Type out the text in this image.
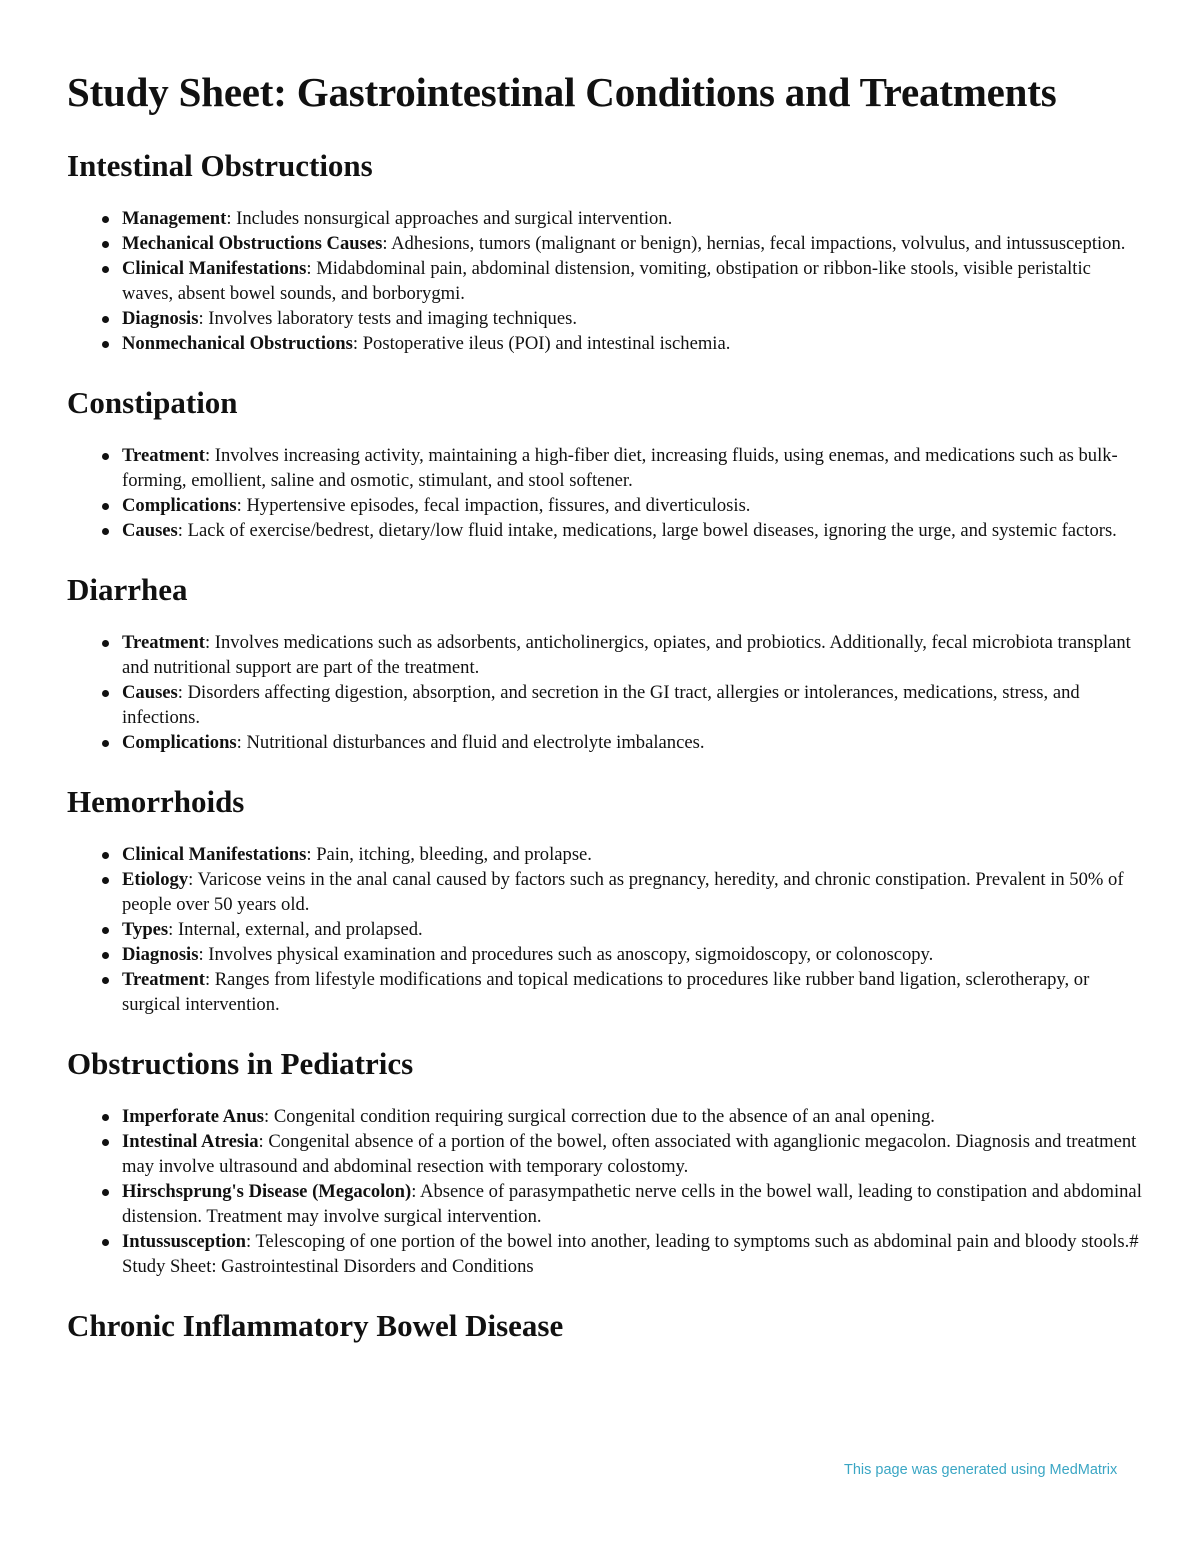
Study Sheet: Gastrointestinal Conditions and Treatments
Intestinal Obstructions
Management: Includes nonsurgical approaches and surgical intervention.
Mechanical Obstructions Causes: Adhesions, tumors (malignant or benign), hernias, fecal impactions, volvulus, and intussusception.
Clinical Manifestations: Midabdominal pain, abdominal distension, vomiting, obstipation or ribbon-like stools, visible peristaltic waves, absent bowel sounds, and borborygmi.
Diagnosis: Involves laboratory tests and imaging techniques.
Nonmechanical Obstructions: Postoperative ileus (POI) and intestinal ischemia.
Constipation
Treatment: Involves increasing activity, maintaining a high-fiber diet, increasing fluids, using enemas, and medications such as bulk-forming, emollient, saline and osmotic, stimulant, and stool softener.
Complications: Hypertensive episodes, fecal impaction, fissures, and diverticulosis.
Causes: Lack of exercise/bedrest, dietary/low fluid intake, medications, large bowel diseases, ignoring the urge, and systemic factors.
Diarrhea
Treatment: Involves medications such as adsorbents, anticholinergics, opiates, and probiotics. Additionally, fecal microbiota transplant and nutritional support are part of the treatment.
Causes: Disorders affecting digestion, absorption, and secretion in the GI tract, allergies or intolerances, medications, stress, and infections.
Complications: Nutritional disturbances and fluid and electrolyte imbalances.
Hemorrhoids
Clinical Manifestations: Pain, itching, bleeding, and prolapse.
Etiology: Varicose veins in the anal canal caused by factors such as pregnancy, heredity, and chronic constipation. Prevalent in 50% of people over 50 years old.
Types: Internal, external, and prolapsed.
Diagnosis: Involves physical examination and procedures such as anoscopy, sigmoidoscopy, or colonoscopy.
Treatment: Ranges from lifestyle modifications and topical medications to procedures like rubber band ligation, sclerotherapy, or surgical intervention.
Obstructions in Pediatrics
Imperforate Anus: Congenital condition requiring surgical correction due to the absence of an anal opening.
Intestinal Atresia: Congenital absence of a portion of the bowel, often associated with aganglionic megacolon. Diagnosis and treatment may involve ultrasound and abdominal resection with temporary colostomy.
Hirschsprung's Disease (Megacolon): Absence of parasympathetic nerve cells in the bowel wall, leading to constipation and abdominal distension. Treatment may involve surgical intervention.
Intussusception: Telescoping of one portion of the bowel into another, leading to symptoms such as abdominal pain and bloody stools.# Study Sheet: Gastrointestinal Disorders and Conditions
Chronic Inflammatory Bowel Disease
This page was generated using MedMatrix
